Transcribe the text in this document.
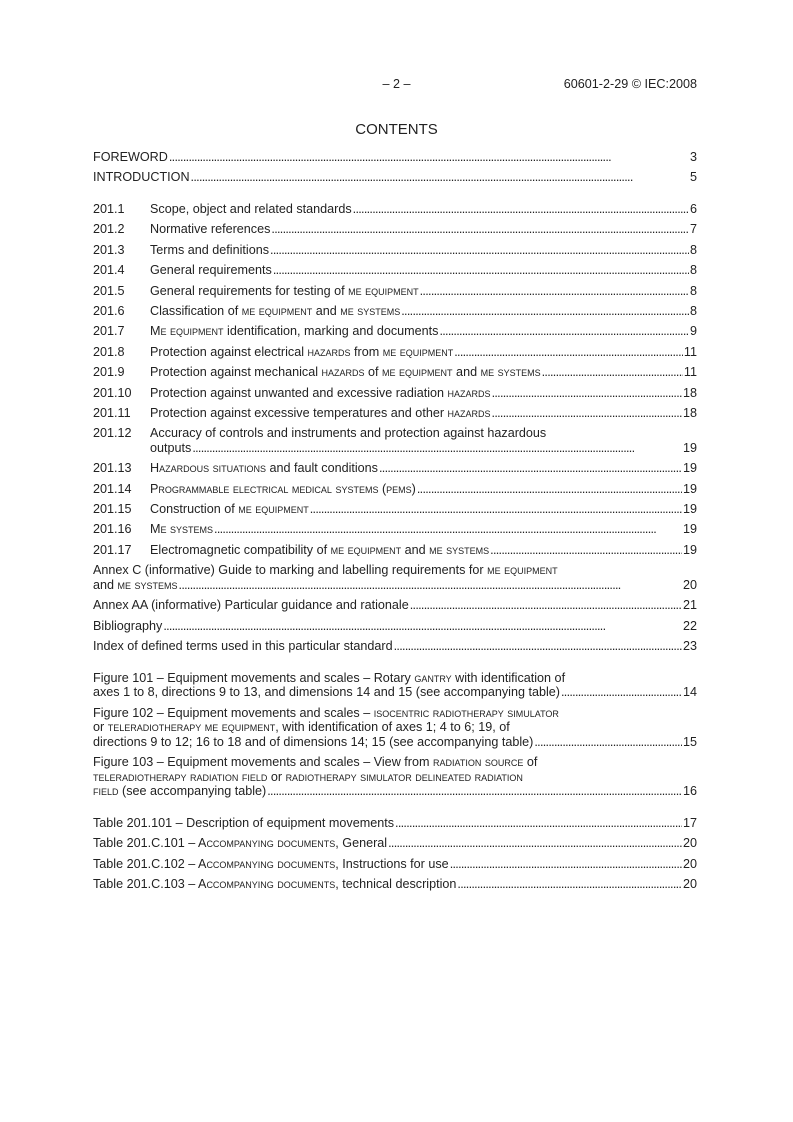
– 2 –	60601-2-29 © IEC:2008
CONTENTS
FOREWORD . . .	3
INTRODUCTION . . .	5
201.1	Scope, object and related standards . . .	6
201.2	Normative references . . .	7
201.3	Terms and definitions . . .	8
201.4	General requirements . . .	8
201.5	General requirements for testing of me equipment . . .	8
201.6	Classification of me equipment and me systems . . .	8
201.7	Me equipment identification, marking and documents . . .	9
201.8	Protection against electrical hazards from me equipment . . .	11
201.9	Protection against mechanical hazards of me equipment and me systems . . .	11
201.10	Protection against unwanted and excessive radiation hazards . . .	18
201.11	Protection against excessive temperatures and other hazards . . .	18
201.12	Accuracy of controls and instruments and protection against hazardous
outputs . . .	19
201.13	Hazardous situations and fault conditions . . .	19
201.14	Programmable electrical medical systems (pems) . . .	19
201.15	Construction of me equipment . . .	19
201.16	Me systems . . .	19
201.17	Electromagnetic compatibility of me equipment and me systems . . .	19
Annex C (informative) Guide to marking and labelling requirements for me equipment
and me systems . . .	20
Annex AA (informative) Particular guidance and rationale . . .	21
Bibliography . . .	22
Index of defined terms used in this particular standard . . .	23
Figure 101 – Equipment movements and scales – Rotary gantry with identification of
axes 1 to 8, directions 9 to 13, and dimensions 14 and 15 (see accompanying table) . . .	14
Figure 102 – Equipment movements and scales – isocentric radiotherapy simulator
or teleradiotherapy me equipment, with identification of axes 1; 4 to 6; 19, of
directions 9 to 12; 16 to 18 and of dimensions 14; 15 (see accompanying table) . . .	15
Figure 103 – Equipment movements and scales – View from radiation source of
teleradiotherapy radiation field or radiotherapy simulator delineated radiation
field (see accompanying table) . . .	16
Table 201.101 – Description of equipment movements . . .	17
Table 201.C.101 – Accompanying documents, General . . .	20
Table 201.C.102 – Accompanying documents, Instructions for use . . .	20
Table 201.C.103 – Accompanying documents, technical description . . .	20
